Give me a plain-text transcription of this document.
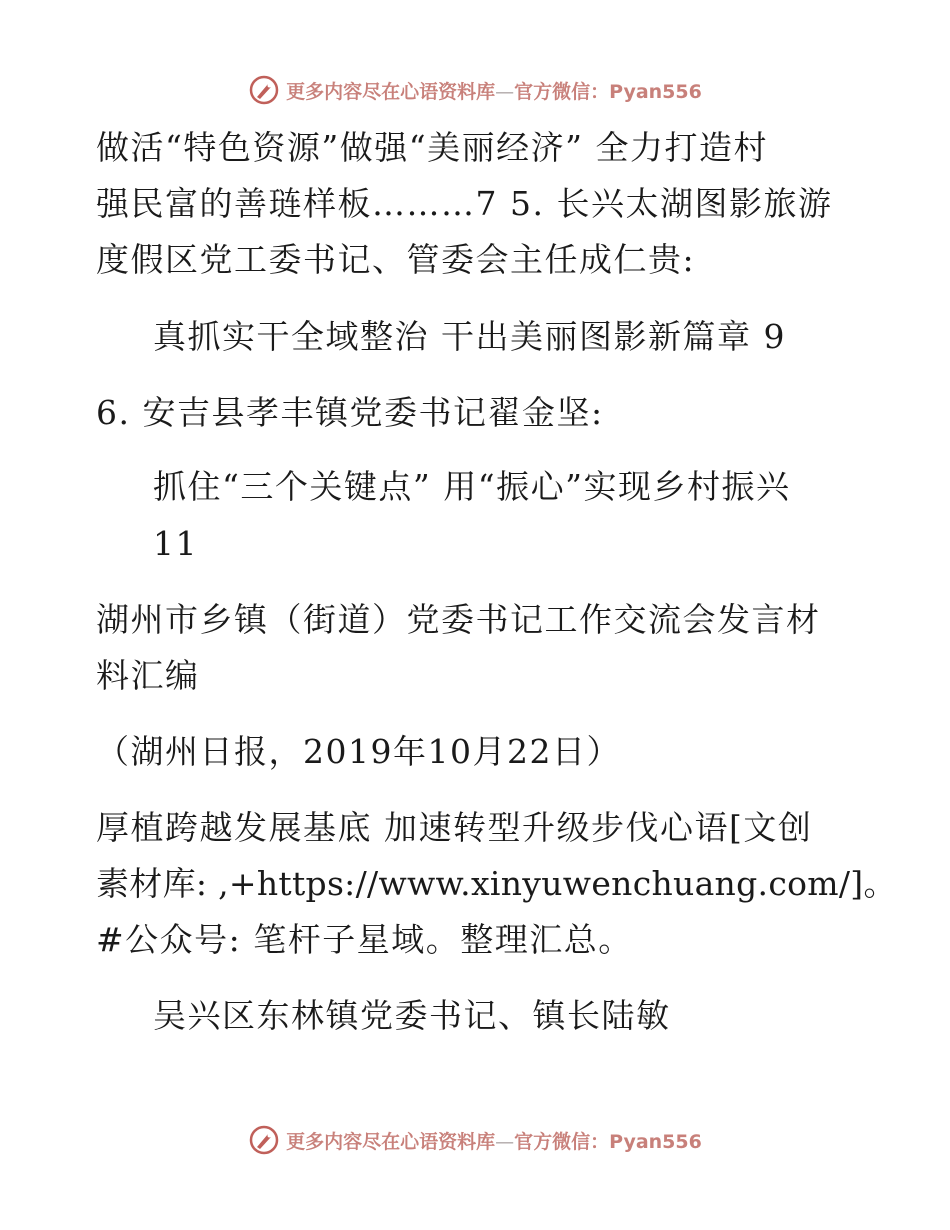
更多内容尽在心语资料库—官方微信：Pyan556
做活“特色资源”做强“美丽经济” 全力打造村
强民富的善琏样板………7 5. 长兴太湖图影旅游
度假区党工委书记、管委会主任成仁贵:
真抓实干全域整治 干出美丽图影新篇章 9
6. 安吉县孝丰镇党委书记翟金坚:
抓住“三个关键点” 用“振心”实现乡村振兴
11
湖州市乡镇（街道）党委书记工作交流会发言材
料汇编
（湖州日报，2019年10月22日）
厚植跨越发展基底 加速转型升级步伐心语[文创
素材库: ,+https://www.xinyuwenchuang.com/]。
#公众号: 笔杆子星域。整理汇总。
吴兴区东林镇党委书记、镇长陆敏
更多内容尽在心语资料库—官方微信：Pyan556
